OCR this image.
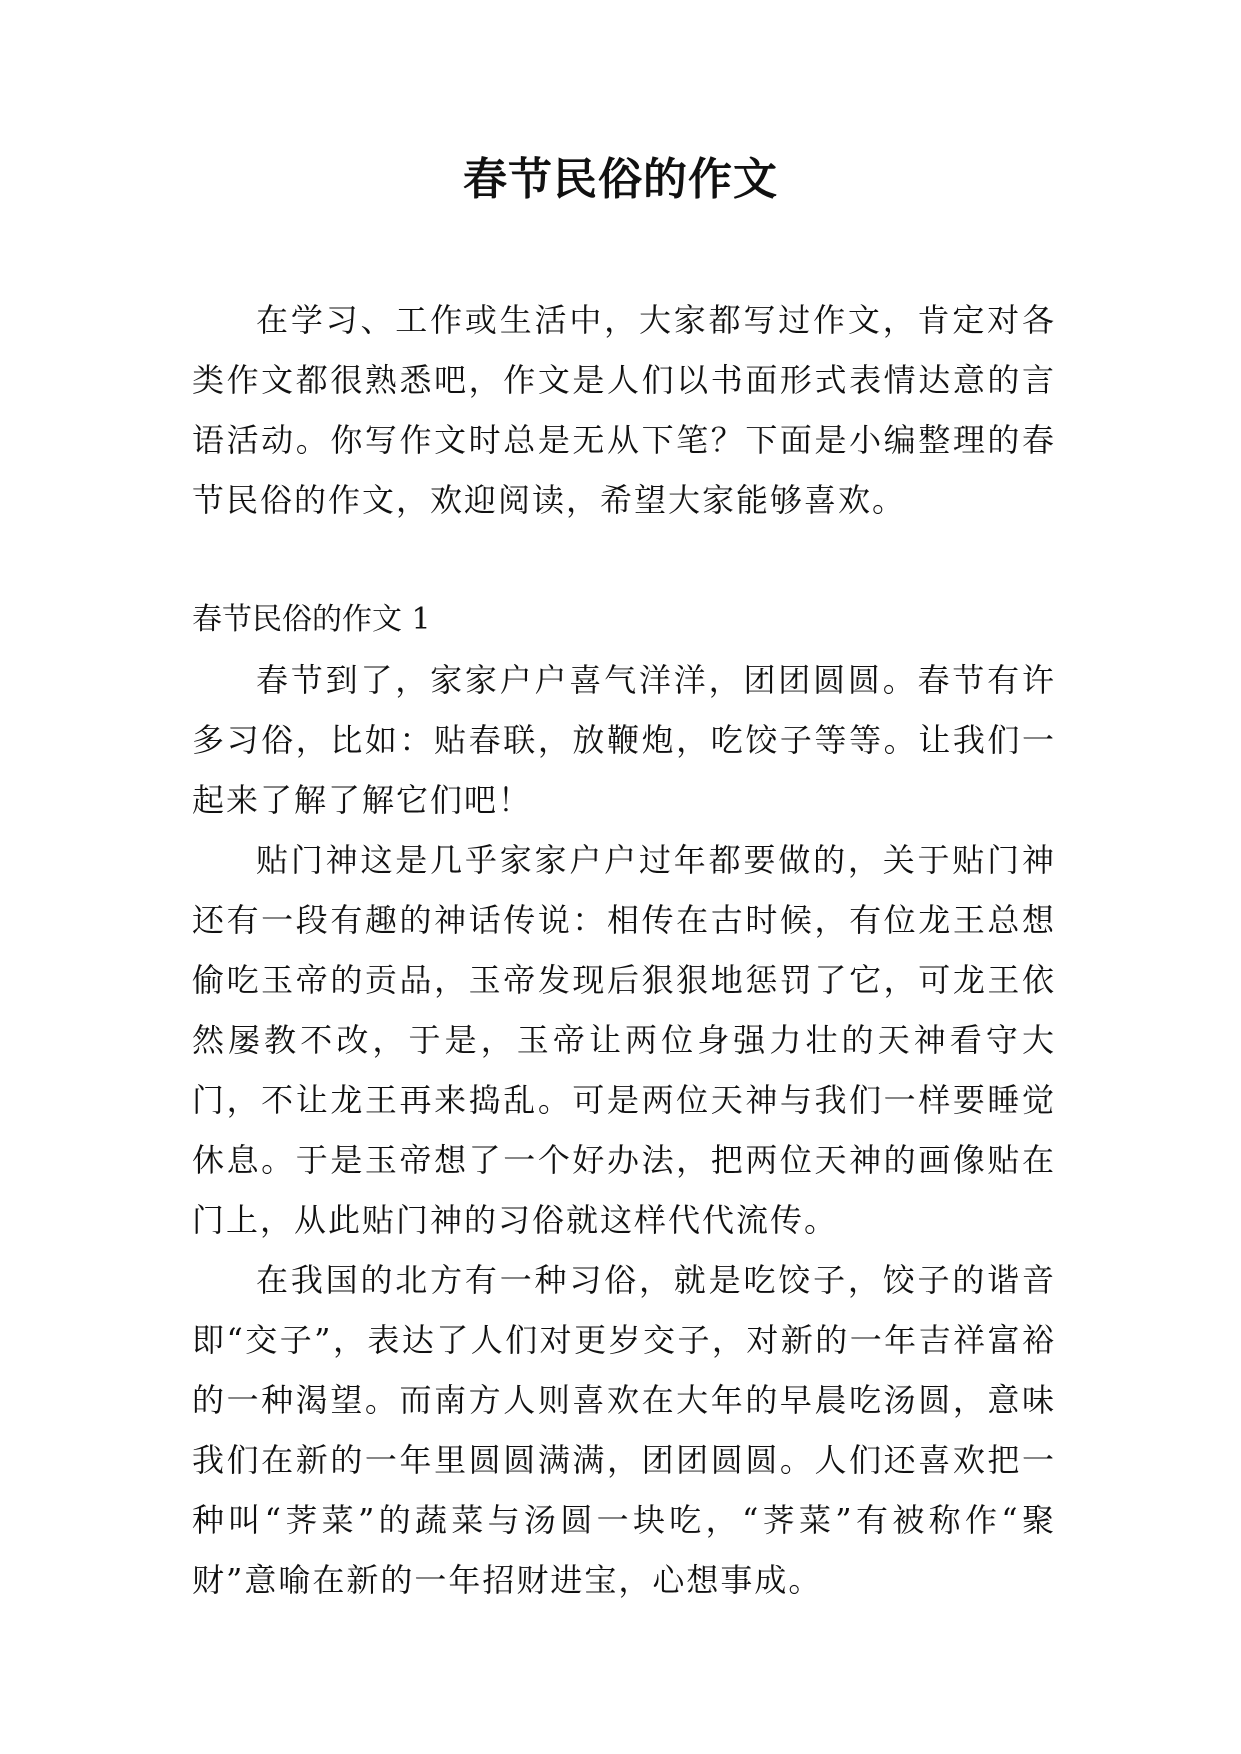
春节民俗的作文

在学习、工作或生活中，大家都写过作文，肯定对各类作文都很熟悉吧，作文是人们以书面形式表情达意的言语活动。你写作文时总是无从下笔？下面是小编整理的春节民俗的作文，欢迎阅读，希望大家能够喜欢。

春节民俗的作文 1

春节到了，家家户户喜气洋洋，团团圆圆。春节有许多习俗，比如：贴春联，放鞭炮，吃饺子等等。让我们一起来了解了解它们吧！

贴门神这是几乎家家户户过年都要做的，关于贴门神还有一段有趣的神话传说：相传在古时候，有位龙王总想偷吃玉帝的贡品，玉帝发现后狠狠地惩罚了它，可龙王依然屡教不改，于是，玉帝让两位身强力壮的天神看守大门，不让龙王再来捣乱。可是两位天神与我们一样要睡觉休息。于是玉帝想了一个好办法，把两位天神的画像贴在门上，从此贴门神的习俗就这样代代流传。

在我国的北方有一种习俗，就是吃饺子，饺子的谐音即“交子”，表达了人们对更岁交子，对新的一年吉祥富裕的一种渴望。而南方人则喜欢在大年的早晨吃汤圆，意味我们在新的一年里圆圆满满，团团圆圆。人们还喜欢把一种叫“荠菜”的蔬菜与汤圆一块吃，“荠菜”有被称作“聚财”意喻在新的一年招财进宝，心想事成。
